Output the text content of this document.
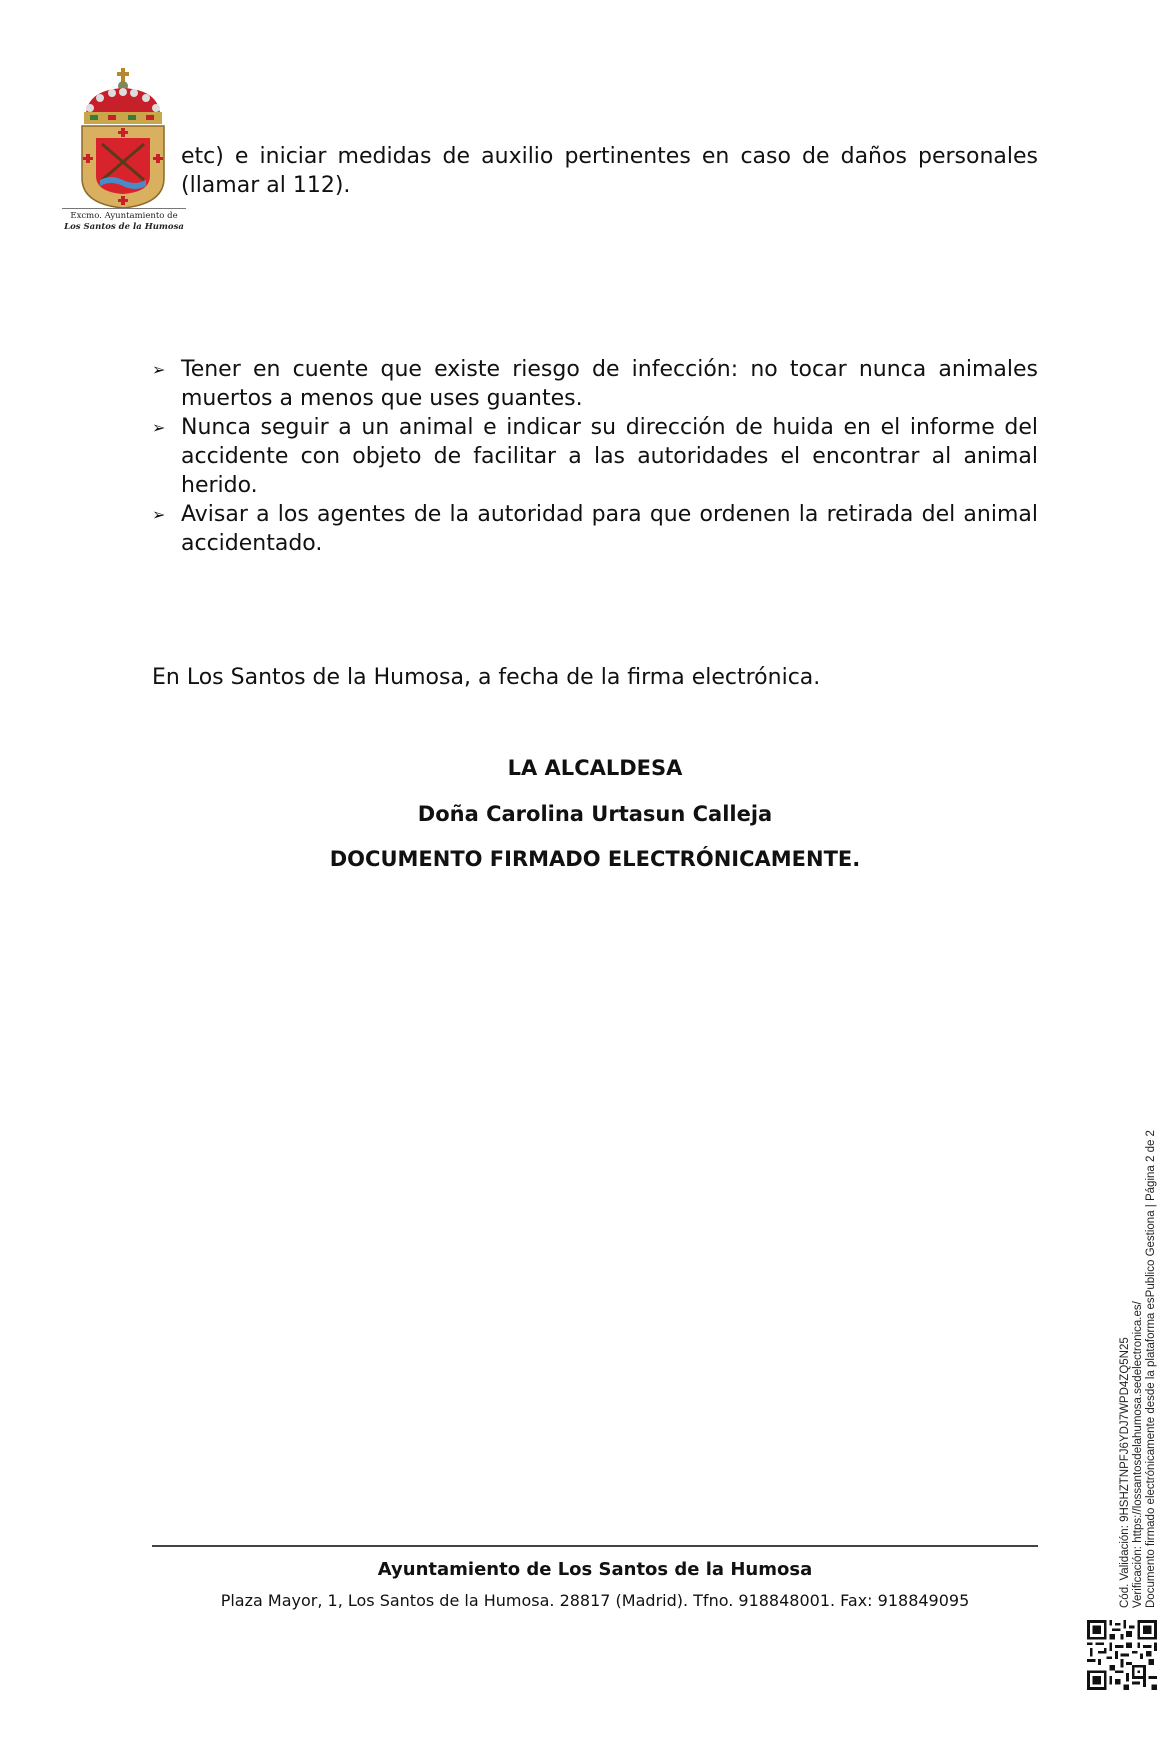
Excmo. Ayuntamiento de
Los Santos de la Humosa
etc) e iniciar medidas de auxilio pertinentes en caso de daños personales (llamar al 112).
➢ Tener en cuente que existe riesgo de infección: no tocar nunca animales muertos a menos que uses guantes.
➢ Nunca seguir a un animal e indicar su dirección de huida en el informe del accidente con objeto de facilitar a las autoridades el encontrar al animal herido.
➢ Avisar a los agentes de la autoridad para que ordenen la retirada del animal accidentado.
En Los Santos de la Humosa, a fecha de la firma electrónica.
LA ALCALDESA
Doña Carolina Urtasun Calleja
DOCUMENTO FIRMADO ELECTRÓNICAMENTE.
Ayuntamiento de Los Santos de la Humosa
Plaza Mayor, 1, Los Santos de la Humosa. 28817 (Madrid). Tfno. 918848001. Fax: 918849095	Cód. Validación: 9HSHZTNPFJ6YDJ7WPD4ZQ5N25 Verificación: https://lossantosdelahumosa.sedelectronica.es/ Documento firmado electrónicamente desde la plataforma esPublico Gestiona | Página 2 de 2
